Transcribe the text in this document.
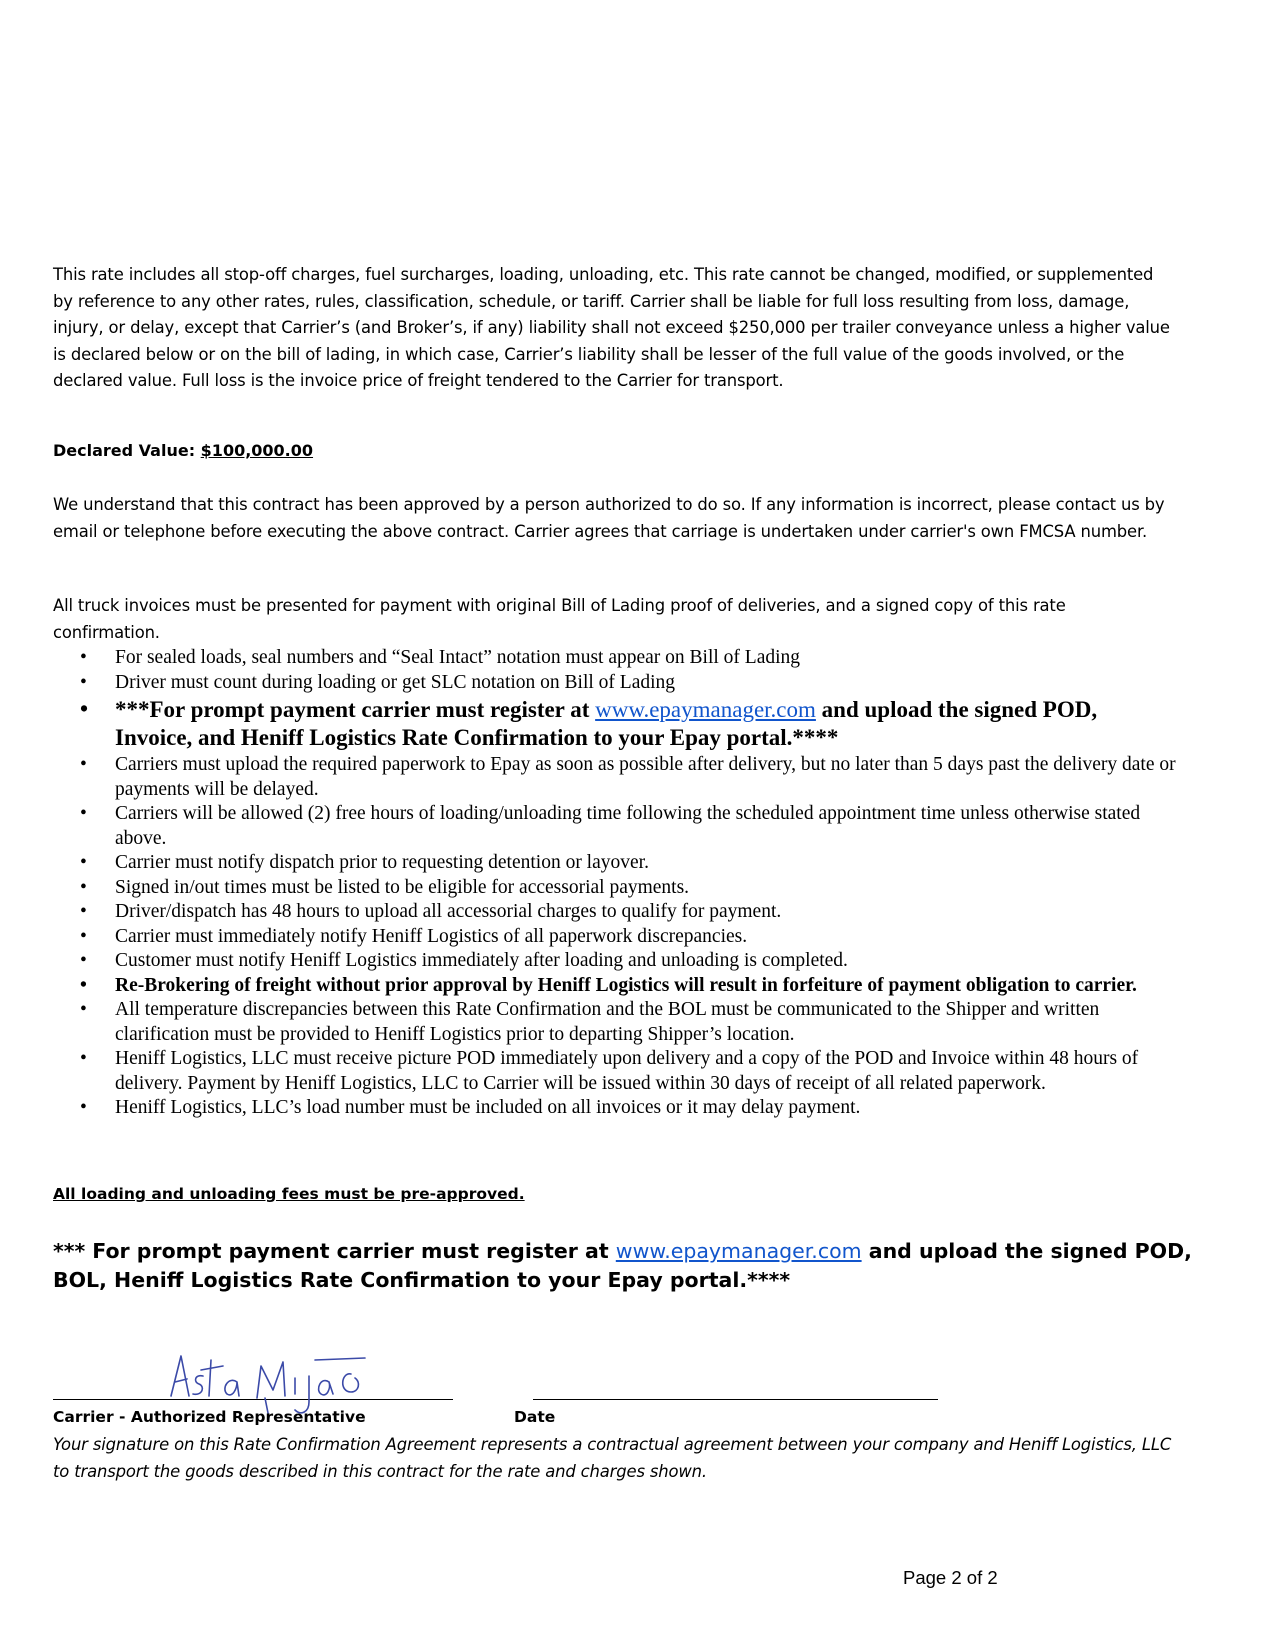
This rate includes all stop-off charges, fuel surcharges, loading, unloading, etc. This rate cannot be changed, modified, or supplemented by reference to any other rates, rules, classification, schedule, or tariff. Carrier shall be liable for full loss resulting from loss, damage, injury, or delay, except that Carrier’s (and Broker’s, if any) liability shall not exceed $250,000 per trailer conveyance unless a higher value is declared below or on the bill of lading, in which case, Carrier’s liability shall be lesser of the full value of the goods involved, or the declared value. Full loss is the invoice price of freight tendered to the Carrier for transport.

Declared Value: $100,000.00

We understand that this contract has been approved by a person authorized to do so. If any information is incorrect, please contact us by email or telephone before executing the above contract. Carrier agrees that carriage is undertaken under carrier's own FMCSA number.

All truck invoices must be presented for payment with original Bill of Lading proof of deliveries, and a signed copy of this rate confirmation.

• For sealed loads, seal numbers and “Seal Intact” notation must appear on Bill of Lading
• Driver must count during loading or get SLC notation on Bill of Lading
• ***For prompt payment carrier must register at www.epaymanager.com and upload the signed POD, Invoice, and Heniff Logistics Rate Confirmation to your Epay portal.****
• Carriers must upload the required paperwork to Epay as soon as possible after delivery, but no later than 5 days past the delivery date or payments will be delayed.
• Carriers will be allowed (2) free hours of loading/unloading time following the scheduled appointment time unless otherwise stated above.
• Carrier must notify dispatch prior to requesting detention or layover.
• Signed in/out times must be listed to be eligible for accessorial payments.
• Driver/dispatch has 48 hours to upload all accessorial charges to qualify for payment.
• Carrier must immediately notify Heniff Logistics of all paperwork discrepancies.
• Customer must notify Heniff Logistics immediately after loading and unloading is completed.
• Re-Brokering of freight without prior approval by Heniff Logistics will result in forfeiture of payment obligation to carrier.
• All temperature discrepancies between this Rate Confirmation and the BOL must be communicated to the Shipper and written clarification must be provided to Heniff Logistics prior to departing Shipper’s location.
• Heniff Logistics, LLC must receive picture POD immediately upon delivery and a copy of the POD and Invoice within 48 hours of delivery. Payment by Heniff Logistics, LLC to Carrier will be issued within 30 days of receipt of all related paperwork.
• Heniff Logistics, LLC’s load number must be included on all invoices or it may delay payment.
All loading and unloading fees must be pre-approved.

*** For prompt payment carrier must register at www.epaymanager.com and upload the signed POD, BOL, Heniff Logistics Rate Confirmation to your Epay portal.****

Carrier - Authorized Representative	Date

Your signature on this Rate Confirmation Agreement represents a contractual agreement between your company and Heniff Logistics, LLC to transport the goods described in this contract for the rate and charges shown.

Page 2 of 2
